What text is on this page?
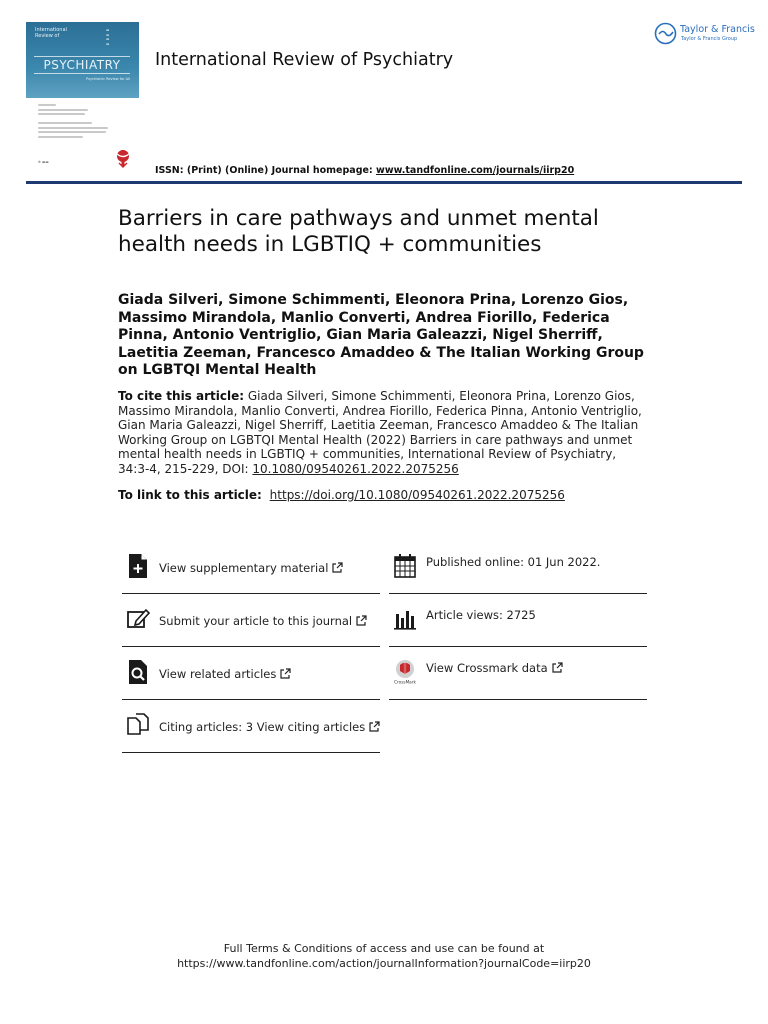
International Review of
▬
▬
▬
▬
PSYCHIATRY
Psychiatric Review for All
⊕ ▬▬
International Review of Psychiatry
Taylor & Francis
Taylor & Francis Group
ISSN: (Print) (Online) Journal homepage: www.tandfonline.com/journals/iirp20
Barriers in care pathways and unmet mental health needs in LGBTIQ + communities

Giada Silveri, Simone Schimmenti, Eleonora Prina, Lorenzo Gios, Massimo Mirandola, Manlio Converti, Andrea Fiorillo, Federica Pinna, Antonio Ventriglio, Gian Maria Galeazzi, Nigel Sherriff, Laetitia Zeeman, Francesco Amaddeo & The Italian Working Group on LGBTQI Mental Health

To cite this article: Giada Silveri, Simone Schimmenti, Eleonora Prina, Lorenzo Gios, Massimo Mirandola, Manlio Converti, Andrea Fiorillo, Federica Pinna, Antonio Ventriglio, Gian Maria Galeazzi, Nigel Sherriff, Laetitia Zeeman, Francesco Amaddeo & The Italian Working Group on LGBTQI Mental Health (2022) Barriers in care pathways and unmet mental health needs in LGBTIQ + communities, International Review of Psychiatry, 34:3-4, 215-229, DOI: 10.1080/09540261.2022.2075256
To link to this article: https://doi.org/10.1080/09540261.2022.2075256
View supplementary material
Submit your article to this journal
View related articles
Citing articles: 3 View citing articles
Published online: 01 Jun 2022.
Article views: 2725
CrossMark
View Crossmark data
Full Terms & Conditions of access and use can be found at
https://www.tandfonline.com/action/journalInformation?journalCode=iirp20
